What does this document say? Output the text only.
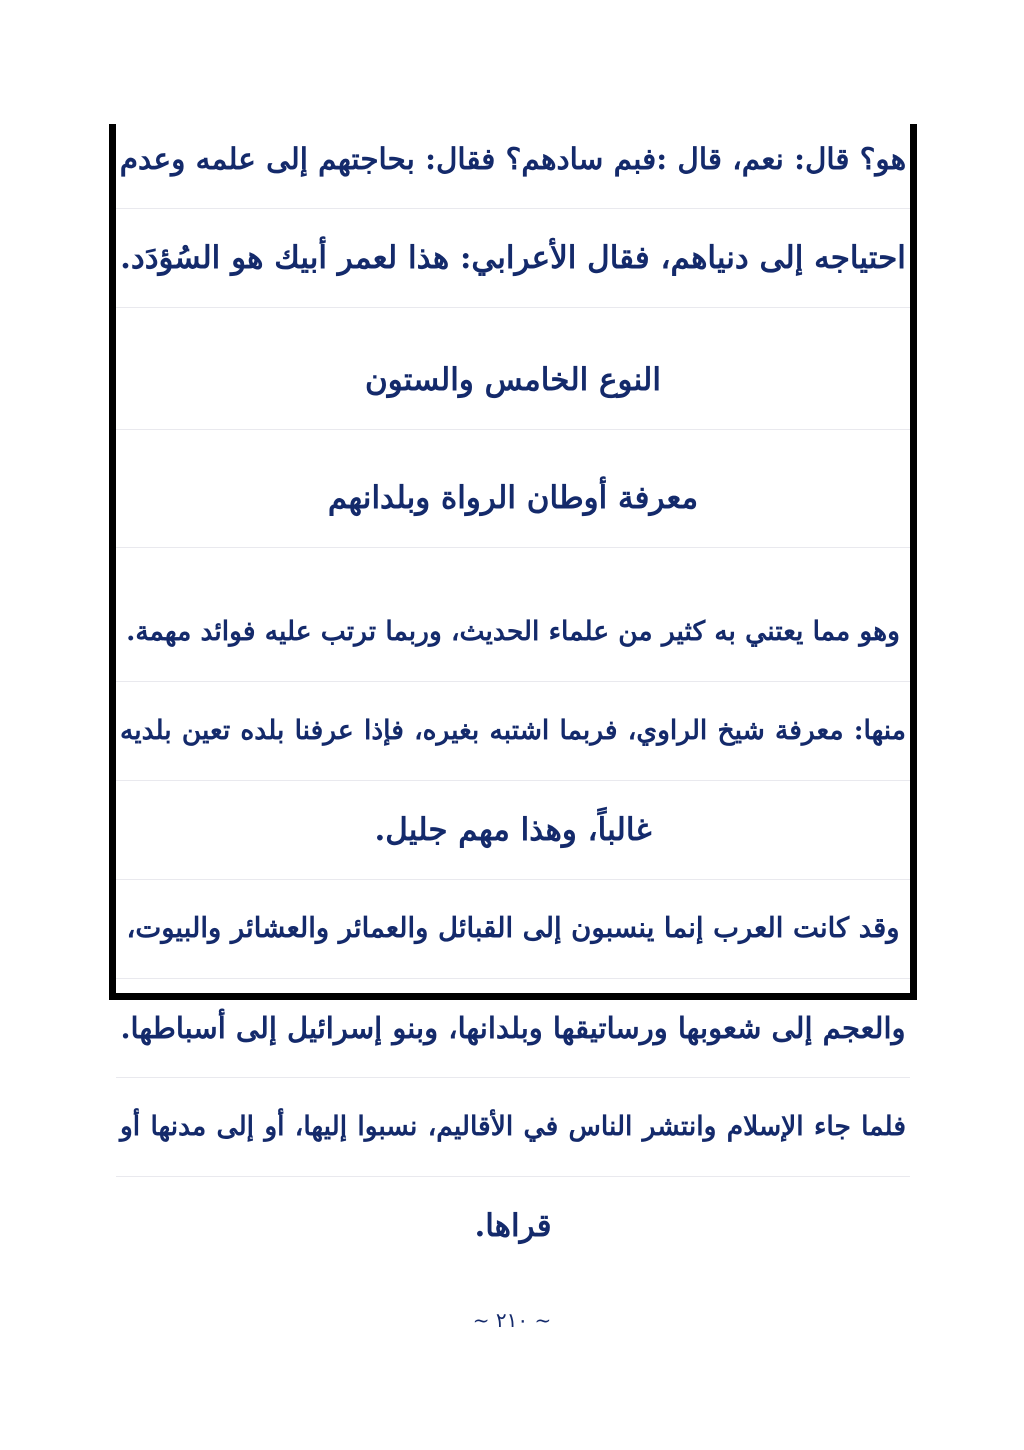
هو؟ قال: نعم، قال :فبم سادهم؟ فقال: بحاجتهم إلى علمه وعدم
احتياجه إلى دنياهم، فقال الأعرابي: هذا لعمر أبيك هو السُؤدَد.
النوع الخامس والستون
معرفة أوطان الرواة وبلدانهم
وهو مما يعتني به كثير من علماء الحديث، وربما ترتب عليه فوائد مهمة.
منها: معرفة شيخ الراوي، فربما اشتبه بغيره، فإذا عرفنا بلده تعين بلديه
غالباً، وهذا مهم جليل.
وقد كانت العرب إنما ينسبون إلى القبائل والعمائر والعشائر والبيوت،
والعجم إلى شعوبها ورساتيقها وبلدانها، وبنو إسرائيل إلى أسباطها.
فلما جاء الإسلام وانتشر الناس في الأقاليم، نسبوا إليها، أو إلى مدنها أو
قراها.
~ ٢١٠ ~
